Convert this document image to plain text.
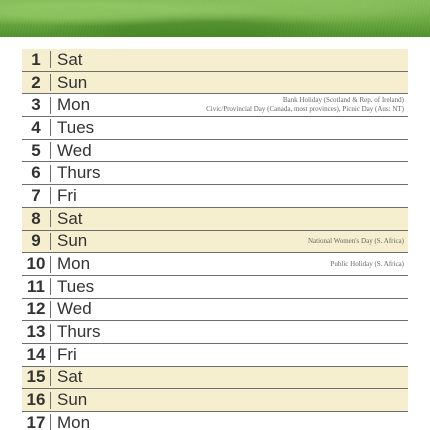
1 Sat
2 Sun
3 Mon	Bank Holiday (Scotland & Rep. of Ireland)
Civic/Provincial Day (Canada, most provinces), Picnic Day (Aus: NT)
4 Tues
5 Wed
6 Thurs
7 Fri
8 Sat
9 Sun	National Women's Day (S. Africa)
10 Mon	Public Holiday (S. Africa)
11 Tues
12 Wed
13 Thurs
14 Fri
15 Sat
16 Sun
17 Mon
